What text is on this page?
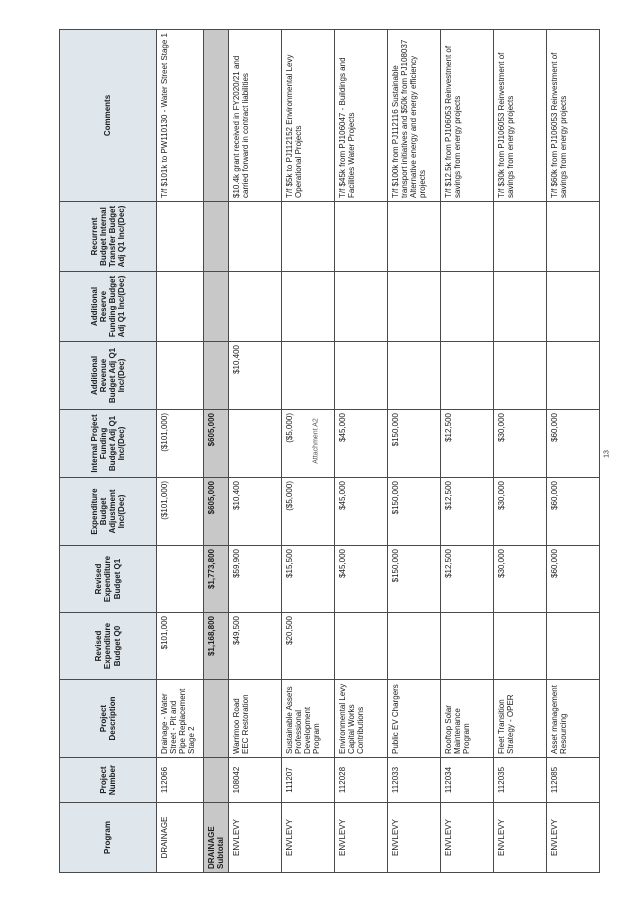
Attachment A2
Program	Project Number	Project Description	Revised Expenditure Budget Q0	Revised Expenditure Budget Q1	Expenditure Budget Adjustment Inc/(Dec)	Internal Project Funding Budget Adj Q1 Inc/(Dec)	Additional Revenue Budget Adj Q1 Inc/(Dec)	Additional Reserve Funding Budget Adj Q1 Inc/(Dec)	Recurrent Budget Internal Transfer Budget Adj Q1 Inc/(Dec)	Comments
DRAINAGE	112066	Drainage - Water Street - Pit and Pipe Replacement Stage 2	$101,000		($101,000)	($101,000)				T/f $101k to PW110130 - Water Street Stage 1
DRAINAGE Subtotal			$1,168,800	$1,773,800	$605,000	$605,000				
ENVLEVY	108042	Warrimoo Road EEC Restoration	$49,500	$59,900	$10,400		$10,400			$10.4k grant received in FY2020/21 and carried forward in contract liabilities
ENVLEVY	111207	Sustainable Assets Professional Development Program	$20,500	$15,500	($5,000)	($5,000)				T/f $5k to PJ112152 Environmental Levy Operational Projects
ENVLEVY	112028	Environmental Levy Capital Works Contributions		$45,000	$45,000	$45,000				T/f $45k from PJ106047 - Buildings and Facilities Water Projects
ENVLEVY	112033	Public EV Chargers		$150,000	$150,000	$150,000				T/f $100k from PJ112116 Sustainable transport initiatives and $50k from PJ108037 Alternative energy and energy efficiency projects
ENVLEVY	112034	Rooftop Solar Maintenance Program		$12,500	$12,500	$12,500				T/f $12.5k from PJ106053 Reinvestment of savings from energy projects
ENVLEVY	112035	Fleet Transition Strategy - OPER		$30,000	$30,000	$30,000				T/f $30k from PJ106053 Reinvestment of savings from energy projects
ENVLEVY	112085	Asset management Resourcing		$60,000	$60,000	$60,000				T/f $60k from PJ106053 Reinvestment of savings from energy projects
13
